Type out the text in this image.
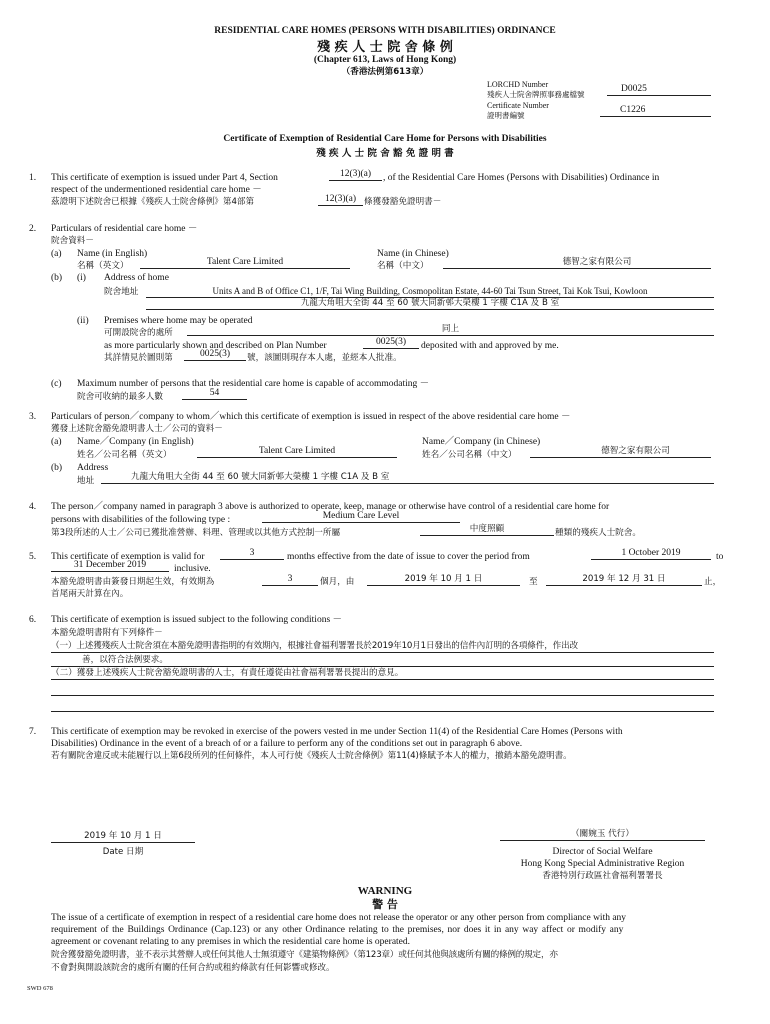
RESIDENTIAL CARE HOMES (PERSONS WITH DISABILITIES) ORDINANCE
殘 疾 人 士 院 舍 條 例
(Chapter 613, Laws of Hong Kong)
（香港法例第613章）
LORCHD Number
殘疾人士院舍牌照事務處檔號
D0025
Certificate Number
證明書編號
C1226
Certificate of Exemption of Residential Care Home for Persons with Disabilities
殘 疾 人 士 院 舍 豁 免 證 明 書
1. This certificate of exemption is issued under Part 4, Section	12(3)(a)	, of the Residential Care Homes (Persons with Disabilities) Ordinance in
respect of the undermentioned residential care home －
茲證明下述院舍已根據《殘疾人士院舍條例》第4部第	12(3)(a) 條獲發豁免證明書－
2. Particulars of residential care home －
院舍資料－
(a) Name (in English)
名稱（英文）	Talent Care Limited
Name (in Chinese)
名稱（中文）	德智之家有限公司
(b) (i) Address of home
院舍地址	Units A and B of Office C1, 1/F, Tai Wing Building, Cosmopolitan Estate, 44-60 Tai Tsun Street, Tai Kok Tsui, Kowloon
九龍大角咀大全街 44 至 60 號大同新邨大榮樓 1 字樓 C1A 及 B 室
(ii) Premises where home may be operated
可開設院舍的處所	同上
as more particularly shown and described on Plan Number	0025(3)	deposited with and approved by me.
其詳情見於圖則第	0025(3)	號，該圖則現存本人處，並經本人批准。
(c) Maximum number of persons that the residential care home is capable of accommodating －
院舍可收納的最多人數	54
3. Particulars of person／company to whom／which this certificate of exemption is issued in respect of the above residential care home －
獲發上述院舍豁免證明書人士／公司的資料－
(a) Name／Company (in English)
姓名／公司名稱（英文）	Talent Care Limited
Name／Company (in Chinese)
姓名／公司名稱（中文）	德智之家有限公司
(b) Address
地址	九龍大角咀大全街 44 至 60 號大同新邨大榮樓 1 字樓 C1A 及 B 室
4. The person／company named in paragraph 3 above is authorized to operate, keep, manage or otherwise have control of a residential care home for
persons with disabilities of the following type :	Medium Care Level
第3段所述的人士／公司已獲批准營辦、料理、管理或以其他方式控制一所屬	中度照顧	種類的殘疾人士院舍。
5. This certificate of exemption is valid for	3	months effective from the date of issue to cover the period from	1 October 2019	to
31 December 2019	inclusive.
本豁免證明書由簽發日期起生效，有效期為	3	個月，由	2019 年 10 月 1 日	至	2019 年 12 月 31 日	止，
首尾兩天計算在內。
6. This certificate of exemption is issued subject to the following conditions －
本豁免證明書附有下列條件－
（一）上述獲殘疾人士院舍須在本豁免證明書指明的有效期內，根據社會福利署署長於2019年10月1日發出的信件內訂明的各項條件，作出改
善，以符合法例要求。
（二）獲發上述殘疾人士院舍豁免證明書的人士，有責任遵從由社會福利署署長提出的意見。
7. This certificate of exemption may be revoked in exercise of the powers vested in me under Section 11(4) of the Residential Care Homes (Persons with
Disabilities) Ordinance in the event of a breach of or a failure to perform any of the conditions set out in paragraph 6 above.
若有關院舍違反或未能履行以上第6段所列的任何條件，本人可行使《殘疾人士院舍條例》第11(4)條賦予本人的權力，撤銷本豁免證明書。
2019 年 10 月 1 日
Date 日期
（關婉玉 代行）
Director of Social Welfare
Hong Kong Special Administrative Region
香港特別行政區社會福利署署長
WARNING
警 告
The issue of a certificate of exemption in respect of a residential care home does not release the operator or any other person from compliance with any
requirement of the Buildings Ordinance (Cap.123) or any other Ordinance relating to the premises, nor does it in any way affect or modify any
agreement or covenant relating to any premises in which the residential care home is operated.
院舍獲發豁免證明書，並不表示其營辦人或任何其他人士無須遵守《建築物條例》（第123章）或任何其他與該處所有關的條例的規定，亦
不會對與開設該院舍的處所有關的任何合約或租約條款有任何影響或修改。
SWD 678
